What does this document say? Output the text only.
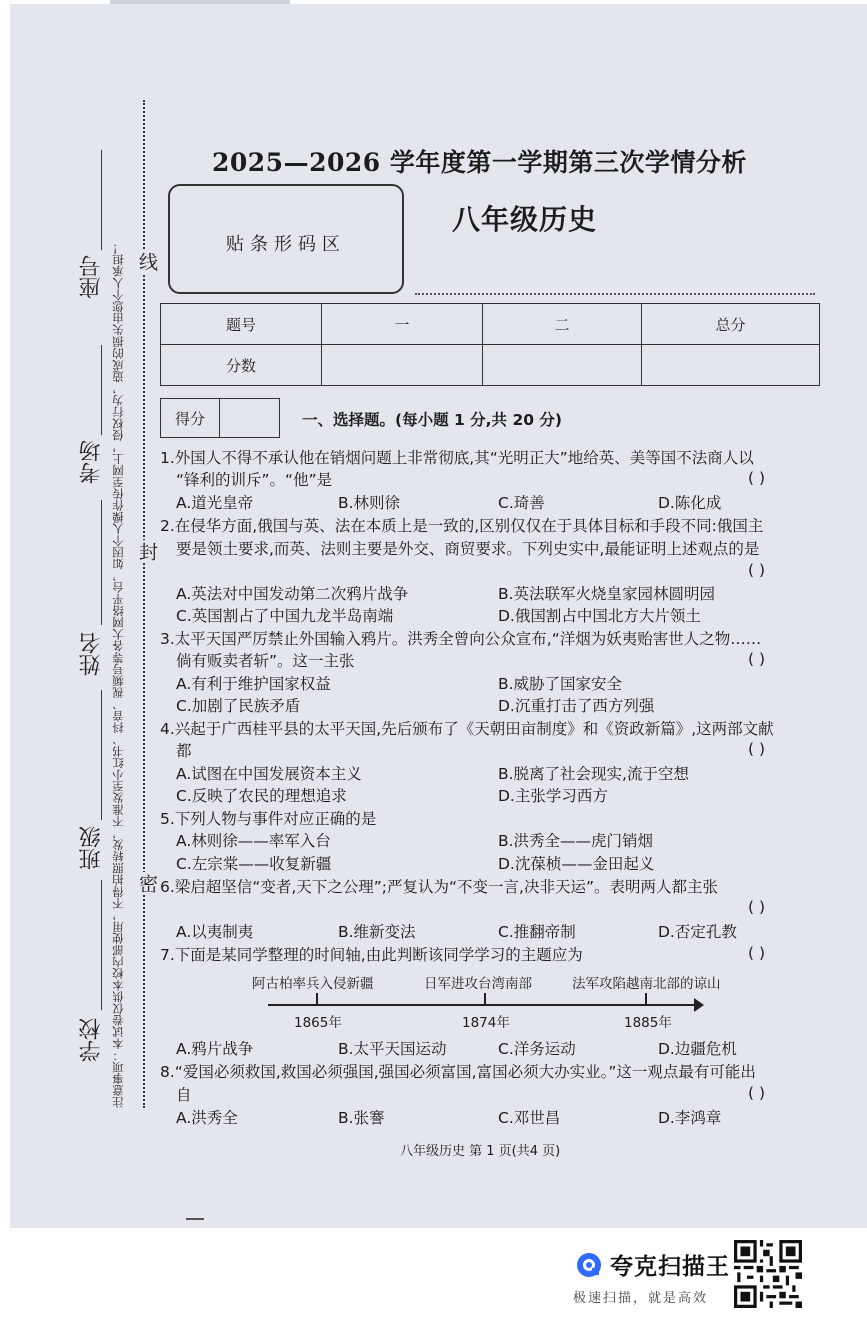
注意事项：本试卷仅供本校内部使用，不得拍照转发，不准发至小红书、抖音、视频号等各大网络平台，如因个人操作传至网上，侵权行为，造成的损失由您个人承担！
学校
班级
姓名
考场
座号
密
封
线
2025—2026 学年度第一学期第三次学情分析
贴条形码区
八年级历史
题号	一	二	总分
分数			
得分	一、选择题。(每小题 1 分,共 20 分)
1.外国人不得不承认他在销烟问题上非常彻底,其“光明正大”地给英、美等国不法商人以
“锋利的训斥”。“他”是	( )
A.道光皇帝	B.林则徐	C.琦善	D.陈化成
2.在侵华方面,俄国与英、法在本质上是一致的,区别仅仅在于具体目标和手段不同:俄国主
要是领土要求,而英、法则主要是外交、商贸要求。下列史实中,最能证明上述观点的是
( )
A.英法对中国发动第二次鸦片战争	B.英法联军火烧皇家园林圆明园
C.英国割占了中国九龙半岛南端	D.俄国割占中国北方大片领土
3.太平天国严厉禁止外国输入鸦片。洪秀全曾向公众宣布,“洋烟为妖夷贻害世人之物……
倘有贩卖者斩”。这一主张	( )
A.有利于维护国家权益	B.威胁了国家安全
C.加剧了民族矛盾	D.沉重打击了西方列强
4.兴起于广西桂平县的太平天国,先后颁布了《天朝田亩制度》和《资政新篇》,这两部文献
都	( )
A.试图在中国发展资本主义	B.脱离了社会现实,流于空想
C.反映了农民的理想追求	D.主张学习西方
5.下列人物与事件对应正确的是
A.林则徐——率军入台	B.洪秀全——虎门销烟
C.左宗棠——收复新疆	D.沈葆桢——金田起义
6.梁启超坚信“变者,天下之公理”;严复认为“不变一言,决非天运”。表明两人都主张
( )
A.以夷制夷	B.维新变法	C.推翻帝制	D.否定孔教
7.下面是某同学整理的时间轴,由此判断该同学学习的主题应为	( )
阿古柏率兵入侵新疆	日军进攻台湾南部	法军攻陷越南北部的谅山
1865年	1874年	1885年
A.鸦片战争	B.太平天国运动	C.洋务运动	D.边疆危机
8.“爱国必须救国,救国必须强国,强国必须富国,富国必须大办实业。”这一观点最有可能出
自	( )
A.洪秀全	B.张謇	C.邓世昌	D.李鸿章
八年级历史 第 1 页(共4 页)
夸克扫描王
极速扫描，就是高效
